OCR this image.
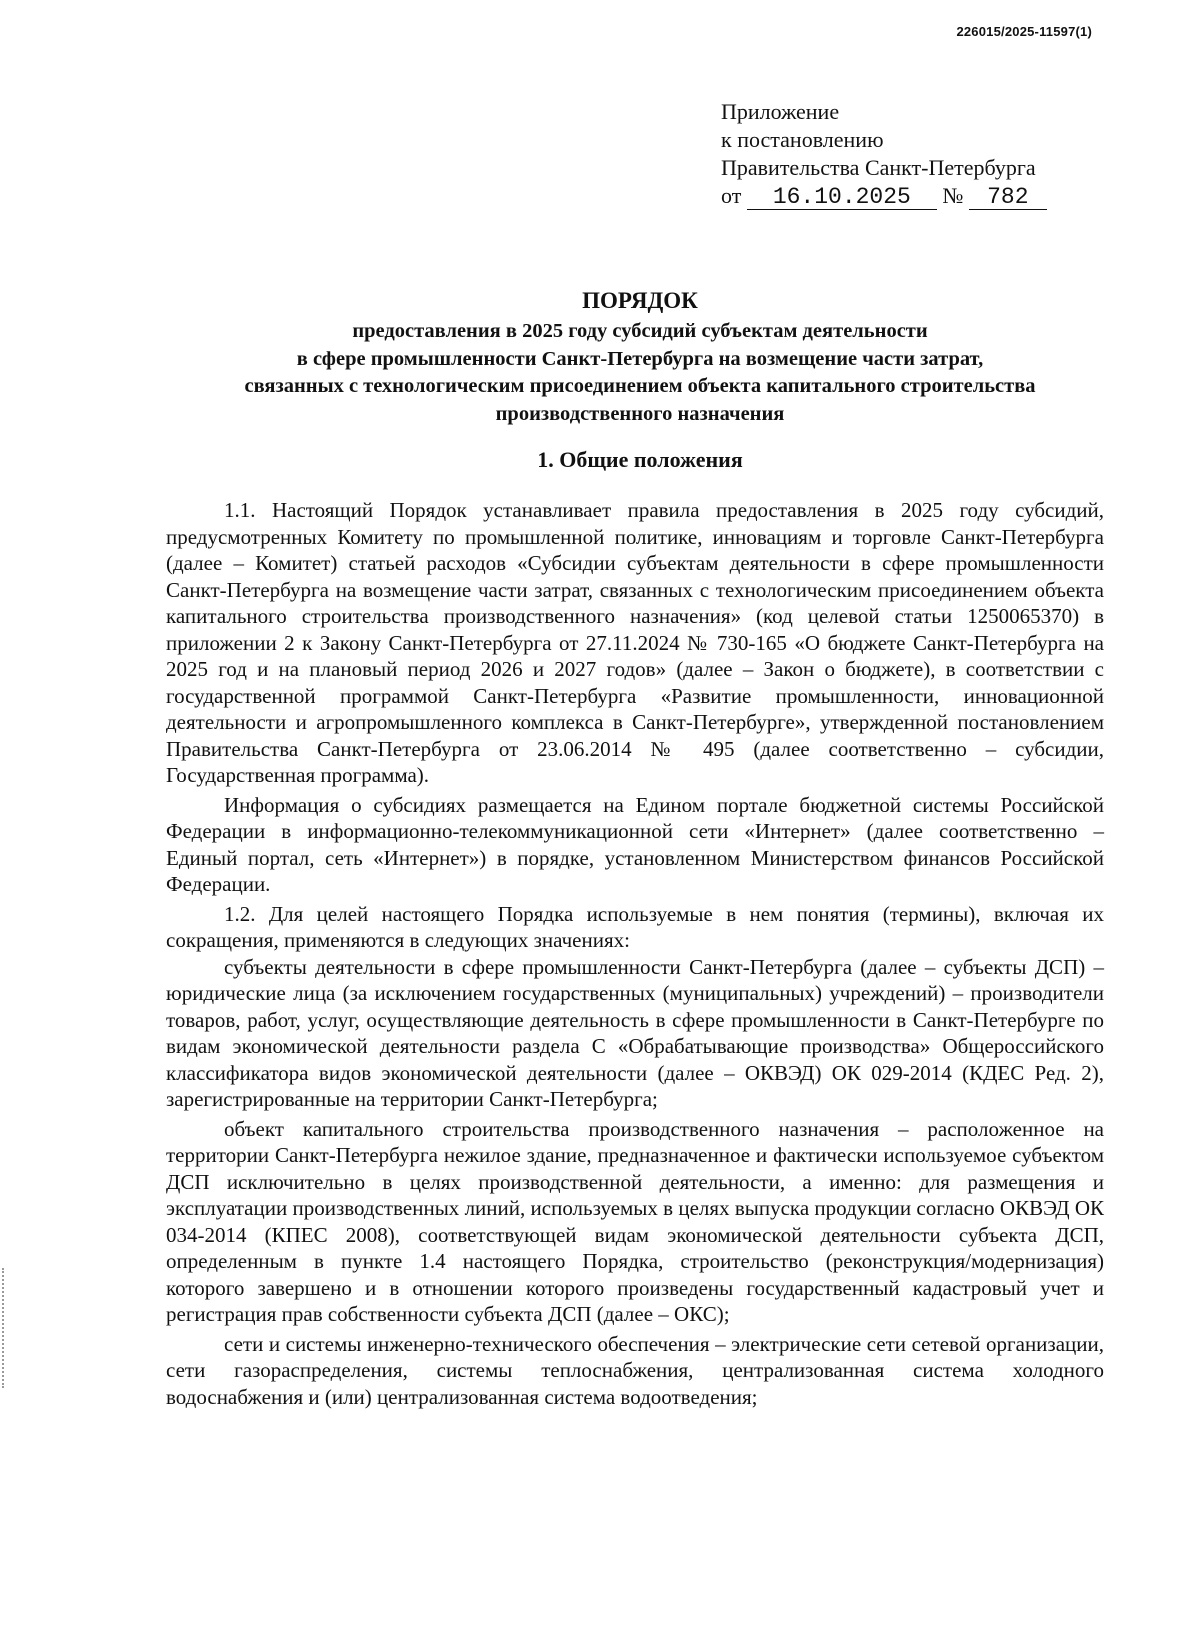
226015/2025-11597(1)
Приложение
к постановлению
Правительства Санкт-Петербурга
от 16.10.2025 № 782
ПОРЯДОК
предоставления в 2025 году субсидий субъектам деятельности
в сфере промышленности Санкт-Петербурга на возмещение части затрат,
связанных с технологическим присоединением объекта капитального строительства
производственного назначения
1. Общие положения

1.1. Настоящий Порядок устанавливает правила предоставления в 2025 году субсидий, предусмотренных Комитету по промышленной политике, инновациям и торговле Санкт-Петербурга (далее – Комитет) статьей расходов «Субсидии субъектам деятельности в сфере промышленности Санкт-Петербурга на возмещение части затрат, связанных с технологическим присоединением объекта капитального строительства производственного назначения» (код целевой статьи 1250065370) в приложении 2 к Закону Санкт-Петербурга от 27.11.2024 № 730-165 «О бюджете Санкт-Петербурга на 2025 год и на плановый период 2026 и 2027 годов» (далее – Закон о бюджете), в соответствии с государственной программой Санкт-Петербурга «Развитие промышленности, инновационной деятельности и агропромышленного комплекса в Санкт-Петербурге», утвержденной постановлением Правительства Санкт-Петербурга от 23.06.2014 № 495 (далее соответственно – субсидии, Государственная программа).

Информация о субсидиях размещается на Едином портале бюджетной системы Российской Федерации в информационно-телекоммуникационной сети «Интернет» (далее соответственно – Единый портал, сеть «Интернет») в порядке, установленном Министерством финансов Российской Федерации.

1.2. Для целей настоящего Порядка используемые в нем понятия (термины), включая их сокращения, применяются в следующих значениях:

субъекты деятельности в сфере промышленности Санкт-Петербурга (далее – субъекты ДСП) – юридические лица (за исключением государственных (муниципальных) учреждений) – производители товаров, работ, услуг, осуществляющие деятельность в сфере промышленности в Санкт-Петербурге по видам экономической деятельности раздела С «Обрабатывающие производства» Общероссийского классификатора видов экономической деятельности (далее – ОКВЭД) ОК 029-2014 (КДЕС Ред. 2), зарегистрированные на территории Санкт-Петербурга;

объект капитального строительства производственного назначения – расположенное на территории Санкт-Петербурга нежилое здание, предназначенное и фактически используемое субъектом ДСП исключительно в целях производственной деятельности, а именно: для размещения и эксплуатации производственных линий, используемых в целях выпуска продукции согласно ОКВЭД ОК 034-2014 (КПЕС 2008), соответствующей видам экономической деятельности субъекта ДСП, определенным в пункте 1.4 настоящего Порядка, строительство (реконструкция/модернизация) которого завершено и в отношении которого произведены государственный кадастровый учет и регистрация прав собственности субъекта ДСП (далее – ОКС);

сети и системы инженерно-технического обеспечения – электрические сети сетевой организации, сети газораспределения, системы теплоснабжения, централизованная система холодного водоснабжения и (или) централизованная система водоотведения;
